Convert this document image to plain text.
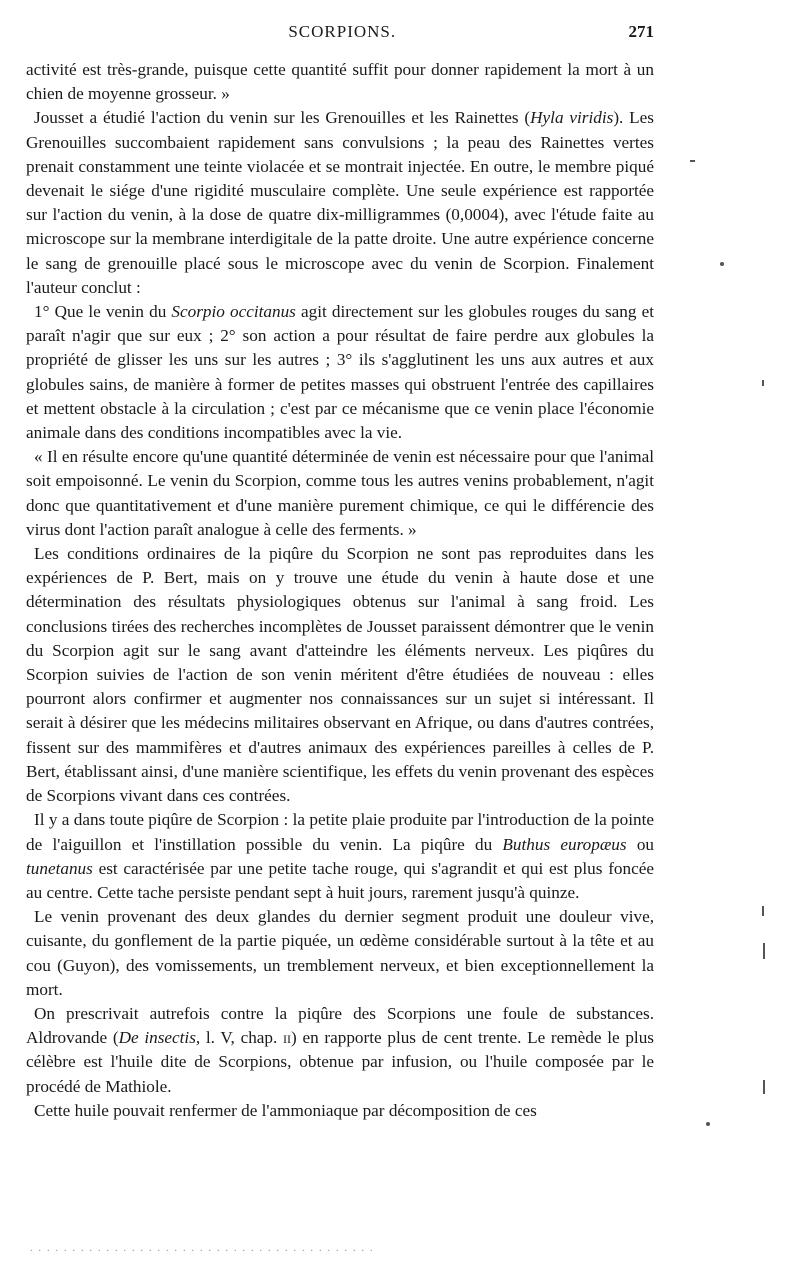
SCORPIONS.	271

activité est très-grande, puisque cette quantité suffit pour donner rapidement la mort à un chien de moyenne grosseur. »

Jousset a étudié l'action du venin sur les Grenouilles et les Rainettes (Hyla viridis). Les Grenouilles succombaient rapidement sans convulsions ; la peau des Rainettes vertes prenait constamment une teinte violacée et se montrait injectée. En outre, le membre piqué devenait le siége d'une rigidité musculaire complète. Une seule expérience est rapportée sur l'action du venin, à la dose de quatre dix-milligrammes (0,0004), avec l'étude faite au microscope sur la membrane interdigitale de la patte droite. Une autre expérience concerne le sang de grenouille placé sous le microscope avec du venin de Scorpion. Finalement l'auteur conclut :

1° Que le venin du Scorpio occitanus agit directement sur les globules rouges du sang et paraît n'agir que sur eux ; 2° son action a pour résultat de faire perdre aux globules la propriété de glisser les uns sur les autres ; 3° ils s'agglutinent les uns aux autres et aux globules sains, de manière à former de petites masses qui obstruent l'entrée des capillaires et mettent obstacle à la circulation ; c'est par ce mécanisme que ce venin place l'économie animale dans des conditions incompatibles avec la vie.

« Il en résulte encore qu'une quantité déterminée de venin est nécessaire pour que l'animal soit empoisonné. Le venin du Scorpion, comme tous les autres venins probablement, n'agit donc que quantitativement et d'une manière purement chimique, ce qui le différencie des virus dont l'action paraît analogue à celle des ferments. »

Les conditions ordinaires de la piqûre du Scorpion ne sont pas reproduites dans les expériences de P. Bert, mais on y trouve une étude du venin à haute dose et une détermination des résultats physiologiques obtenus sur l'animal à sang froid. Les conclusions tirées des recherches incomplètes de Jousset paraissent démontrer que le venin du Scorpion agit sur le sang avant d'atteindre les éléments nerveux. Les piqûres du Scorpion suivies de l'action de son venin méritent d'être étudiées de nouveau : elles pourront alors confirmer et augmenter nos connaissances sur un sujet si intéressant. Il serait à désirer que les médecins militaires observant en Afrique, ou dans d'autres contrées, fissent sur des mammifères et d'autres animaux des expériences pareilles à celles de P. Bert, établissant ainsi, d'une manière scientifique, les effets du venin provenant des espèces de Scorpions vivant dans ces contrées.

Il y a dans toute piqûre de Scorpion : la petite plaie produite par l'introduction de la pointe de l'aiguillon et l'instillation possible du venin. La piqûre du Buthus europæus ou tunetanus est caractérisée par une petite tache rouge, qui s'agrandit et qui est plus foncée au centre. Cette tache persiste pendant sept à huit jours, rarement jusqu'à quinze.

Le venin provenant des deux glandes du dernier segment produit une douleur vive, cuisante, du gonflement de la partie piquée, un œdème considérable surtout à la tête et au cou (Guyon), des vomissements, un tremblement nerveux, et bien exceptionnellement la mort.

On prescrivait autrefois contre la piqûre des Scorpions une foule de substances. Aldrovande (De insectis, l. V, chap. ii) en rapporte plus de cent trente. Le remède le plus célèbre est l'huile dite de Scorpions, obtenue par infusion, ou l'huile composée par le procédé de Mathiole.

Cette huile pouvait renfermer de l'ammoniaque par décomposition de ces

.........................................
